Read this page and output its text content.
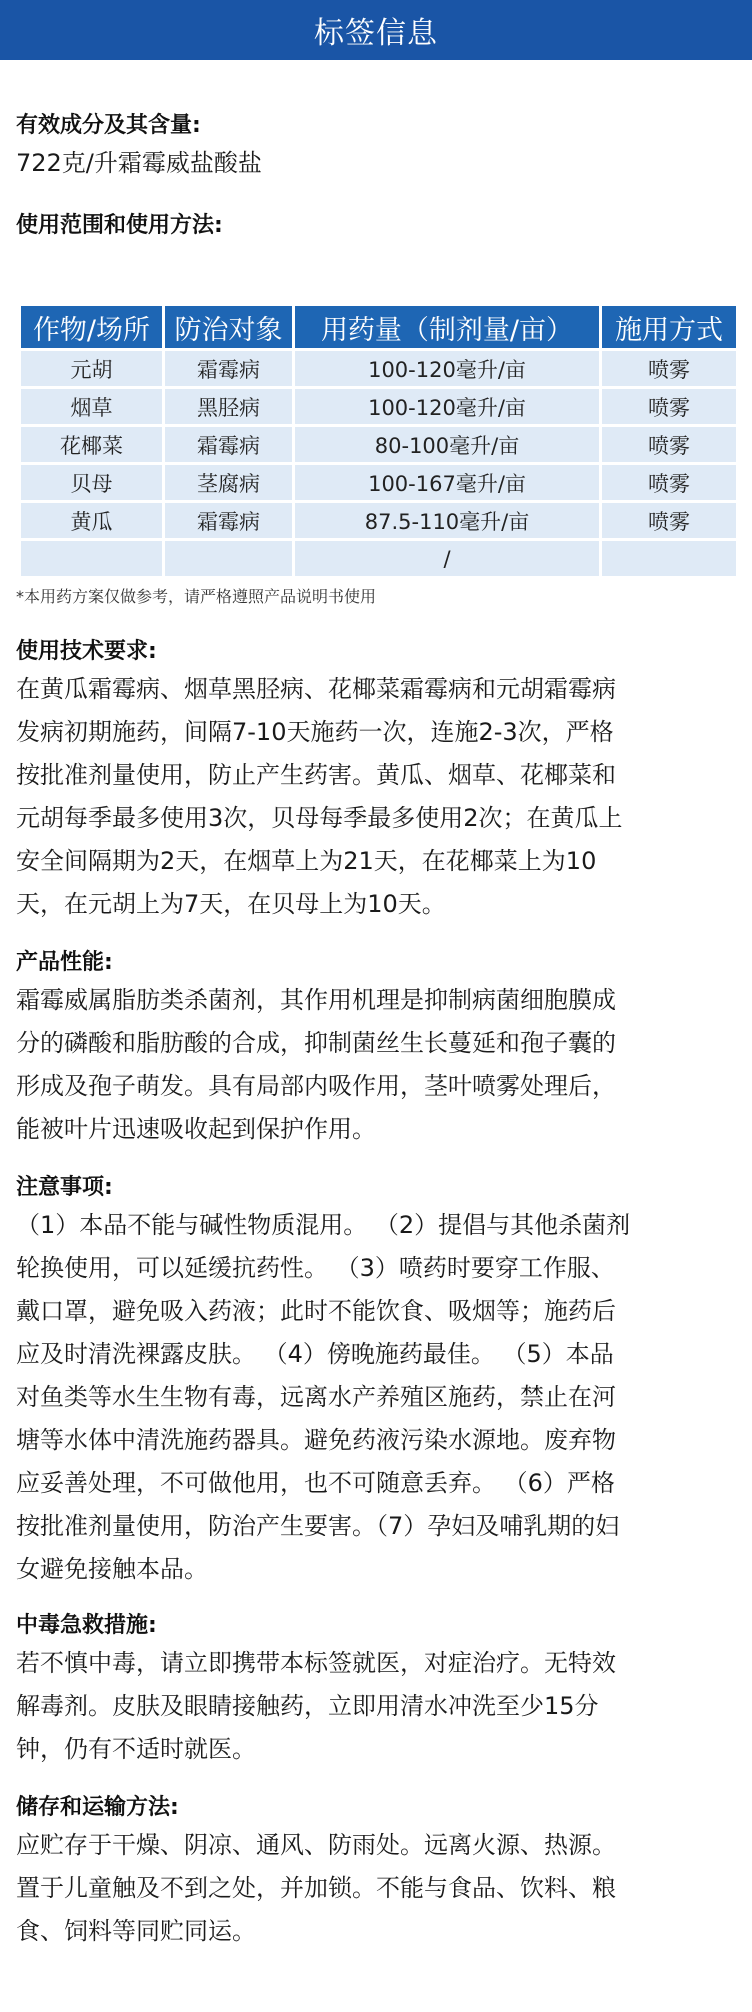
标签信息
有效成分及其含量:
722克/升霜霉威盐酸盐
使用范围和使用方法:
作物/场所	防治对象	用药量（制剂量/亩）	施用方式
元胡	霜霉病	100-120毫升/亩	喷雾
烟草	黑胫病	100-120毫升/亩	喷雾
花椰菜	霜霉病	80-100毫升/亩	喷雾
贝母	茎腐病	100-167毫升/亩	喷雾
黄瓜	霜霉病	87.5-110毫升/亩	喷雾
		/	
*本用药方案仅做参考，请严格遵照产品说明书使用
使用技术要求:
在黄瓜霜霉病、烟草黑胫病、花椰菜霜霉病和元胡霜霉病
发病初期施药，间隔7-10天施药一次，连施2-3次，严格
按批准剂量使用，防止产生药害。黄瓜、烟草、花椰菜和
元胡每季最多使用3次，贝母每季最多使用2次；在黄瓜上
安全间隔期为2天，在烟草上为21天，在花椰菜上为10
天，在元胡上为7天，在贝母上为10天。
产品性能:
霜霉威属脂肪类杀菌剂，其作用机理是抑制病菌细胞膜成
分的磷酸和脂肪酸的合成，抑制菌丝生长蔓延和孢子囊的
形成及孢子萌发。具有局部内吸作用，茎叶喷雾处理后，
能被叶片迅速吸收起到保护作用。
注意事项:
（1）本品不能与碱性物质混用。 （2）提倡与其他杀菌剂
轮换使用，可以延缓抗药性。 （3）喷药时要穿工作服、
戴口罩，避免吸入药液；此时不能饮食、吸烟等；施药后
应及时清洗裸露皮肤。 （4）傍晚施药最佳。 （5）本品
对鱼类等水生生物有毒，远离水产养殖区施药，禁止在河
塘等水体中清洗施药器具。避免药液污染水源地。废弃物
应妥善处理，不可做他用，也不可随意丢弃。 （6）严格
按批准剂量使用，防治产生要害。（7）孕妇及哺乳期的妇
女避免接触本品。
中毒急救措施:
若不慎中毒，请立即携带本标签就医，对症治疗。无特效
解毒剂。皮肤及眼睛接触药，立即用清水冲洗至少15分
钟，仍有不适时就医。
储存和运输方法:
应贮存于干燥、阴凉、通风、防雨处。远离火源、热源。
置于儿童触及不到之处，并加锁。不能与食品、饮料、粮
食、饲料等同贮同运。
